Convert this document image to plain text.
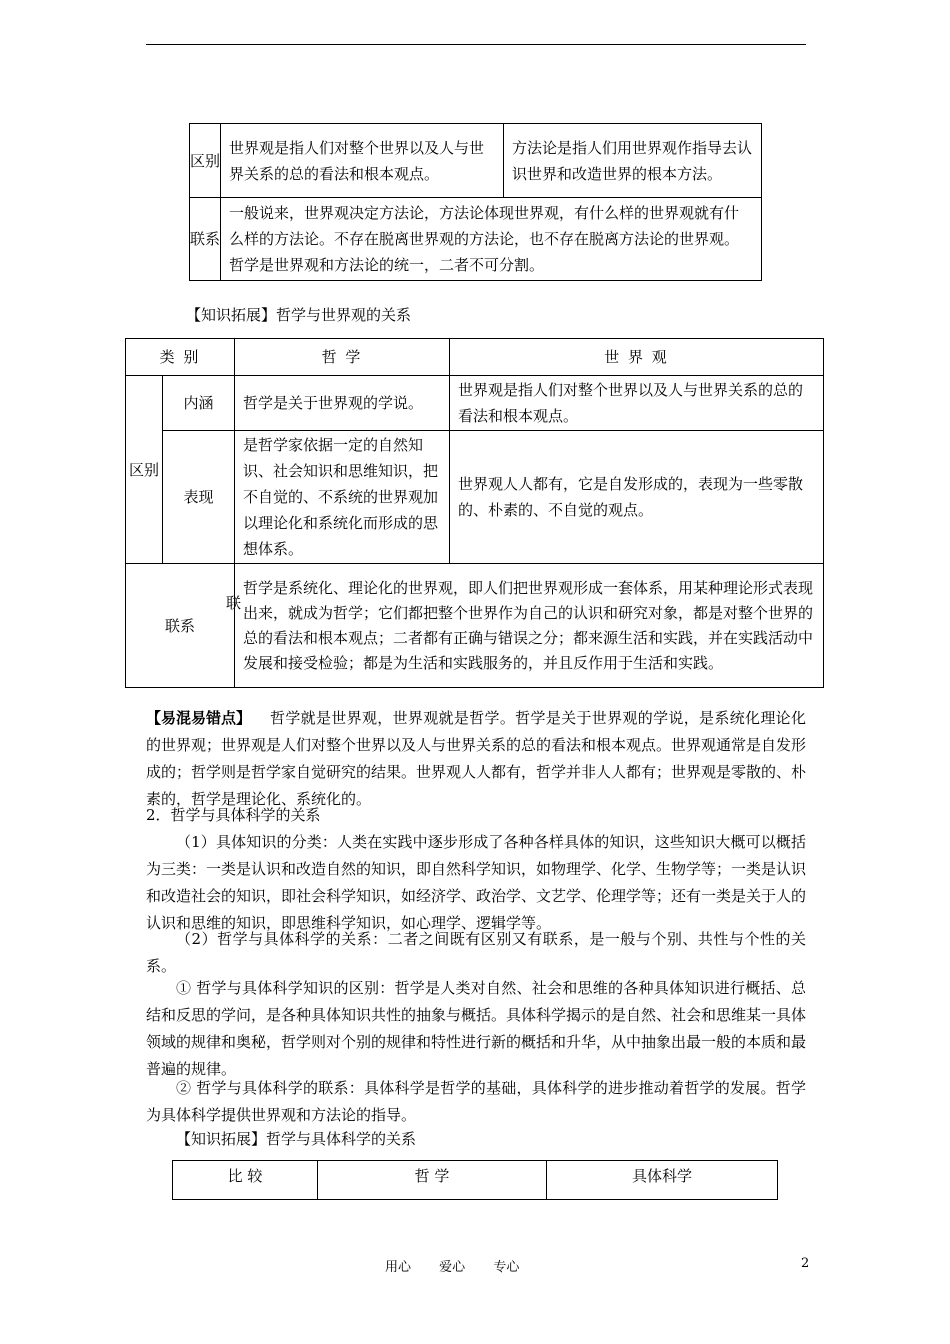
区别	世界观是指人们对整个世界以及人与世界关系的总的看法和根本观点。	方法论是指人们用世界观作指导去认识世界和改造世界的根本方法。
联系	一般说来，世界观决定方法论，方法论体现世界观，有什么样的世界观就有什么样的方法论。不存在脱离世界观的方法论，也不存在脱离方法论的世界观。哲学是世界观和方法论的统一，二者不可分割。	
【知识拓展】哲学与世界观的关系
类 别		哲 学	世 界 观
区别	内涵	哲学是关于世界观的学说。	世界观是指人们对整个世界以及人与世界关系的总的看法和根本观点。
	表现	是哲学家依据一定的自然知识、社会知识和思维知识，把不自觉的、不系统的世界观加以理论化和系统化而形成的思想体系。	世界观人人都有，它是自发形成的，表现为一些零散的、朴素的、不自觉的观点。
联系		哲学是系统化、理论化的世界观，即人们把世界观形成一套体系，用某种理论形式表现出来，就成为哲学；它们都把整个世界作为自己的认识和研究对象，都是对整个世界的总的看法和根本观点；二者都有正确与错误之分；都来源生活和实践，并在实践活动中发展和接受检验；都是为生活和实践服务的，并且反作用于生活和实践。	
联
【易混易错点】	哲学就是世界观，世界观就是哲学。哲学是关于世界观的学说，是系统化理论化的世界观；世界观是人们对整个世界以及人与世界关系的总的看法和根本观点。世界观通常是自发形成的；哲学则是哲学家自觉研究的结果。世界观人人都有，哲学并非人人都有；世界观是零散的、朴素的，哲学是理论化、系统化的。
2．哲学与具体科学的关系
（1）具体知识的分类：人类在实践中逐步形成了各种各样具体的知识，这些知识大概可以概括为三类：一类是认识和改造自然的知识，即自然科学知识，如物理学、化学、生物学等；一类是认识和改造社会的知识，即社会科学知识，如经济学、政治学、文艺学、伦理学等；还有一类是关于人的认识和思维的知识，即思维科学知识，如心理学、逻辑学等。
（2）哲学与具体科学的关系：二者之间既有区别又有联系，是一般与个别、共性与个性的关系。
① 哲学与具体科学知识的区别：哲学是人类对自然、社会和思维的各种具体知识进行概括、总结和反思的学问，是各种具体知识共性的抽象与概括。具体科学揭示的是自然、社会和思维某一具体领域的规律和奥秘，哲学则对个别的规律和特性进行新的概括和升华，从中抽象出最一般的本质和最普遍的规律。
② 哲学与具体科学的联系：具体科学是哲学的基础，具体科学的进步推动着哲学的发展。哲学为具体科学提供世界观和方法论的指导。
【知识拓展】哲学与具体科学的关系
比 较	哲 学	具体科学
用心 爱心 专心	2
